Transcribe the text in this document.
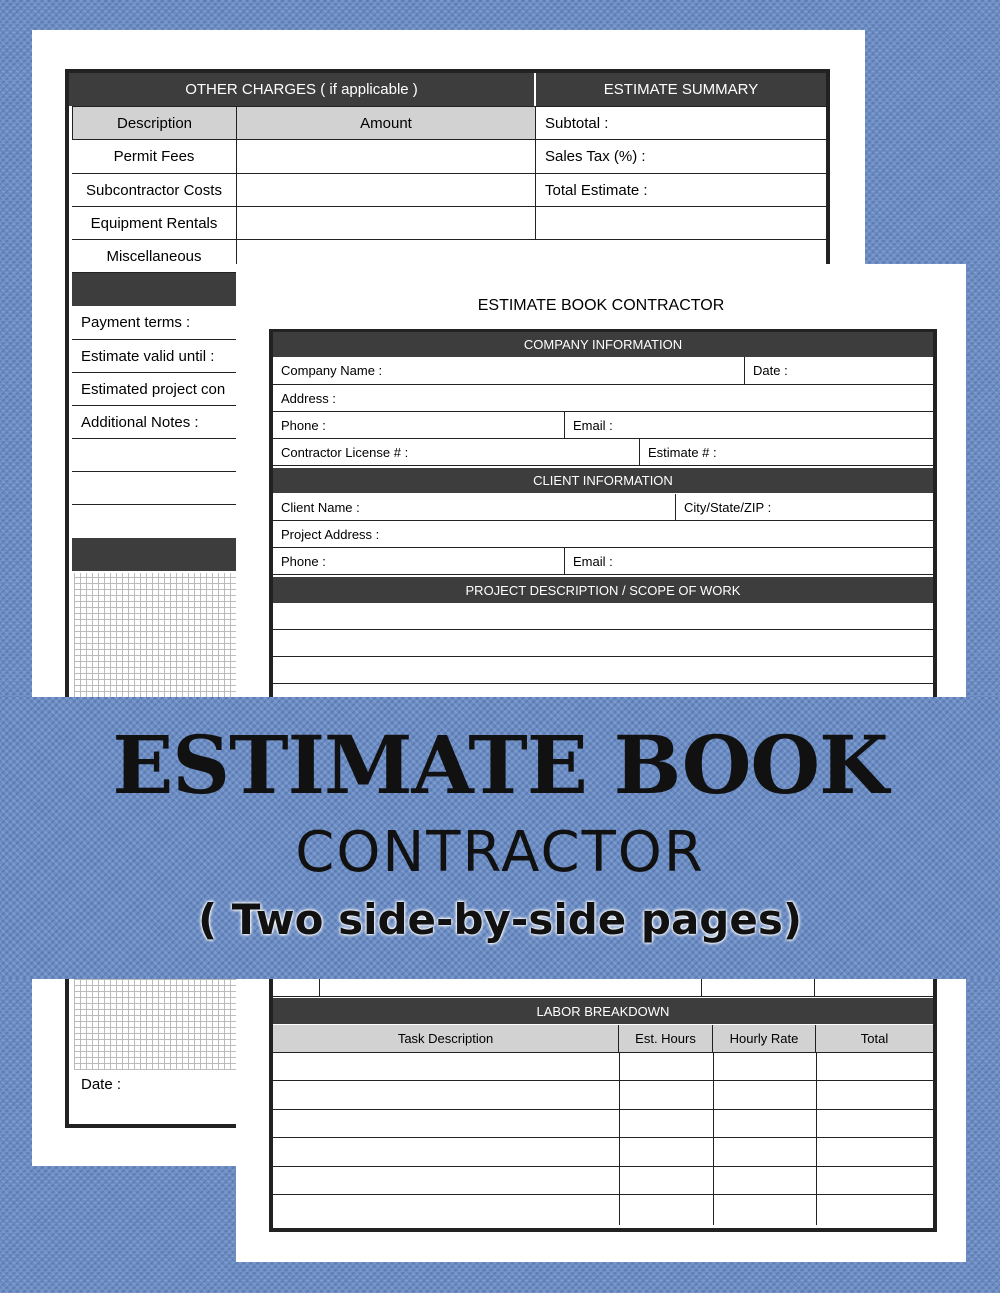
OTHER CHARGES ( if applicable )	ESTIMATE SUMMARY
Description	Amount
Permit Fees
Subcontractor Costs
Equipment Rentals
Miscellaneous
Subtotal :
Sales Tax (%) :
Total Estimate :
Payment terms :
Estimate valid until :
Estimated project con
Additional Notes :
Date :
ESTIMATE BOOK CONTRACTOR
COMPANY INFORMATION
Company Name :	Date :
Address :
Phone :	Email :
Contractor License # :	Estimate # :
CLIENT INFORMATION
Client Name :	City/State/ZIP :
Project Address :
Phone :	Email :
PROJECT DESCRIPTION / SCOPE OF WORK
LABOR BREAKDOWN
Task Description	Est. Hours	Hourly Rate	Total
ESTIMATE BOOK
CONTRACTOR
( Two side-by-side pages)
